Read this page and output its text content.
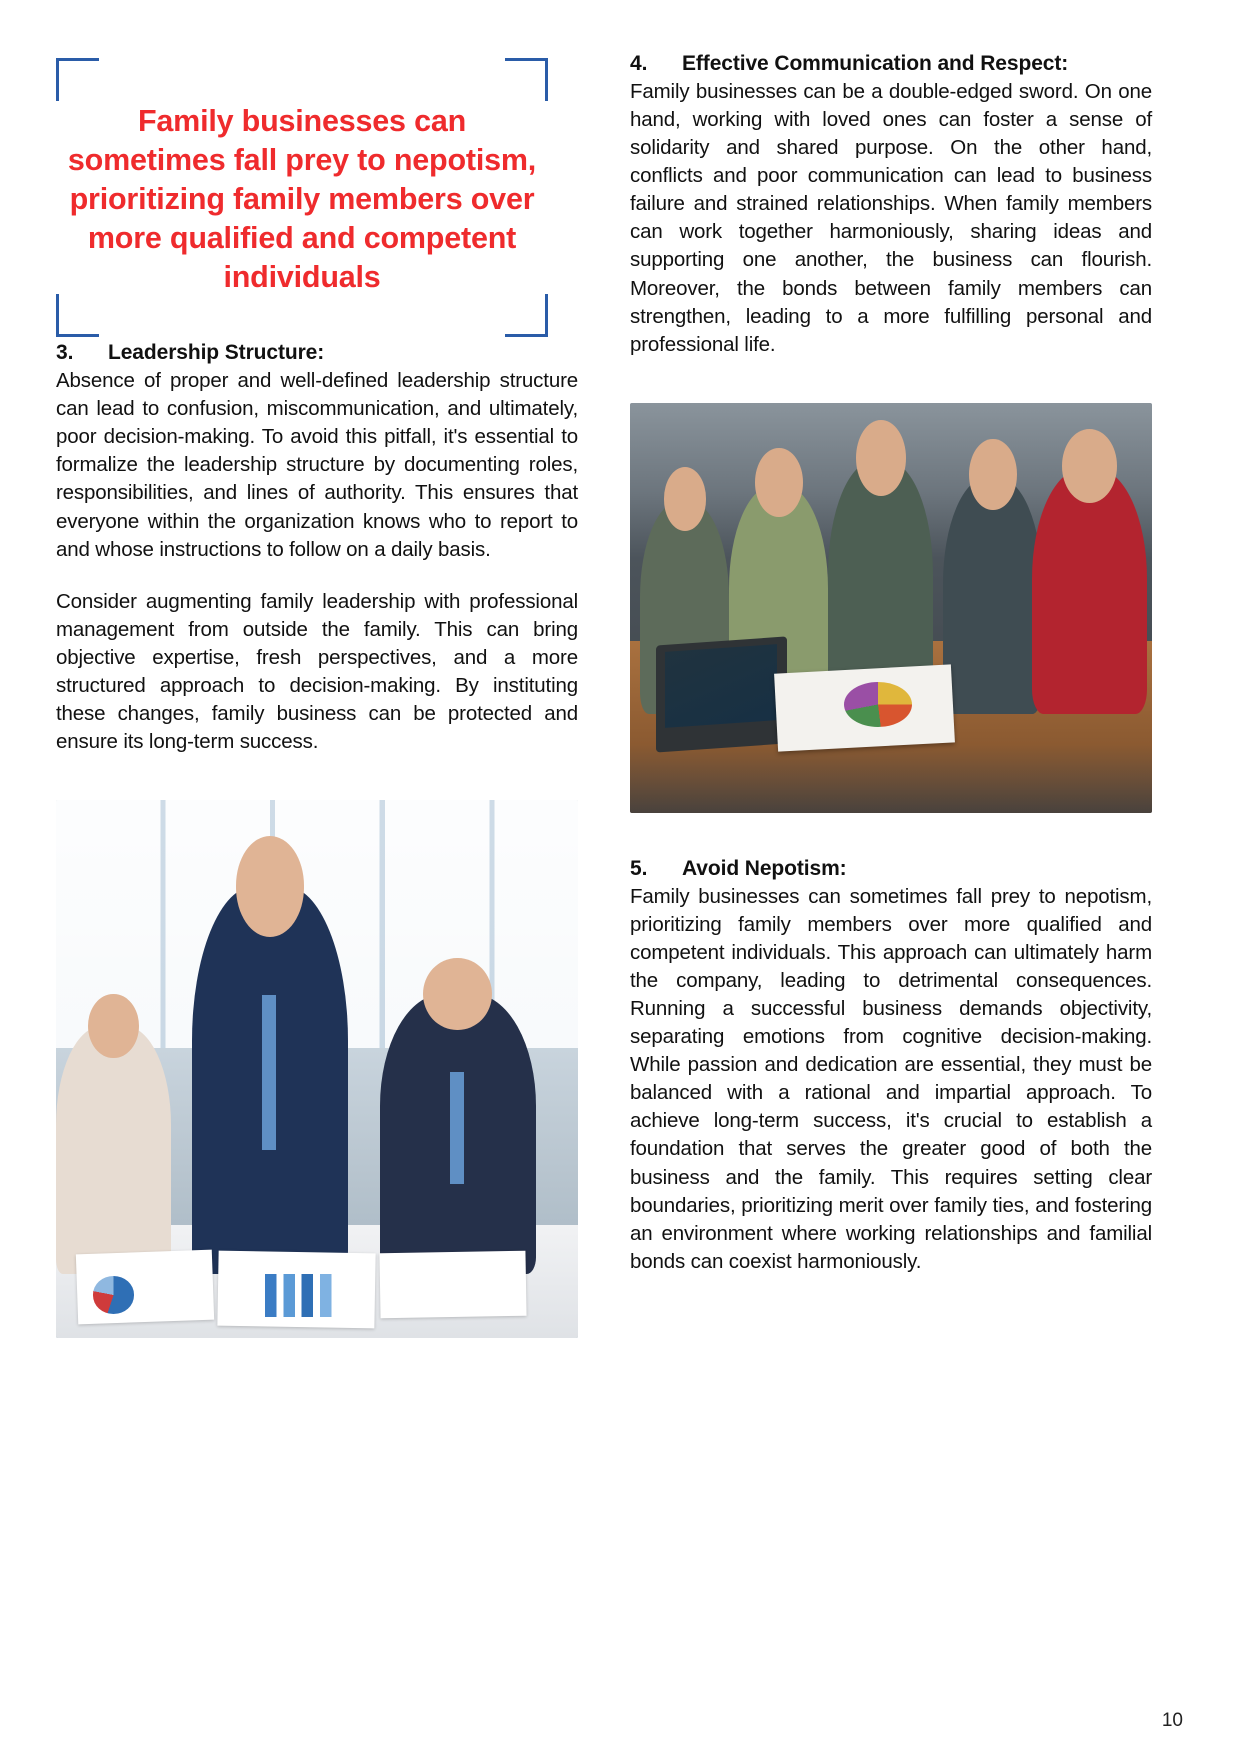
Family businesses can sometimes fall prey to nepotism, prioritizing family members over more qualified and competent individuals
3.	Leadership Structure:

Absence of proper and well-defined leadership structure can lead to confusion, miscommunication, and ultimately, poor decision-making. To avoid this pitfall, it's essential to formalize the leadership structure by documenting roles, responsibilities, and lines of authority. This ensures that everyone within the organization knows who to report to and whose instructions to follow on a daily basis.

Consider augmenting family leadership with professional management from outside the family. This can bring objective expertise, fresh perspectives, and a more structured approach to decision-making. By instituting these changes, family business can be protected and ensure its long-term success.

4.	Effective Communication and Respect:

Family businesses can be a double-edged sword. On one hand, working with loved ones can foster a sense of solidarity and shared purpose. On the other hand, conflicts and poor communication can lead to business failure and strained relationships. When family members can work together harmoniously, sharing ideas and supporting one another, the business can flourish. Moreover, the bonds between family members can strengthen, leading to a more fulfilling personal and professional life.

5.	Avoid Nepotism:

Family businesses can sometimes fall prey to nepotism, prioritizing family members over more qualified and competent individuals. This approach can ultimately harm the company, leading to detrimental consequences. Running a successful business demands objectivity, separating emotions from cognitive decision-making. While passion and dedication are essential, they must be balanced with a rational and impartial approach. To achieve long-term success, it's crucial to establish a foundation that serves the greater good of both the business and the family. This requires setting clear boundaries, prioritizing merit over family ties, and fostering an environment where working relationships and familial bonds can coexist harmoniously.

10
